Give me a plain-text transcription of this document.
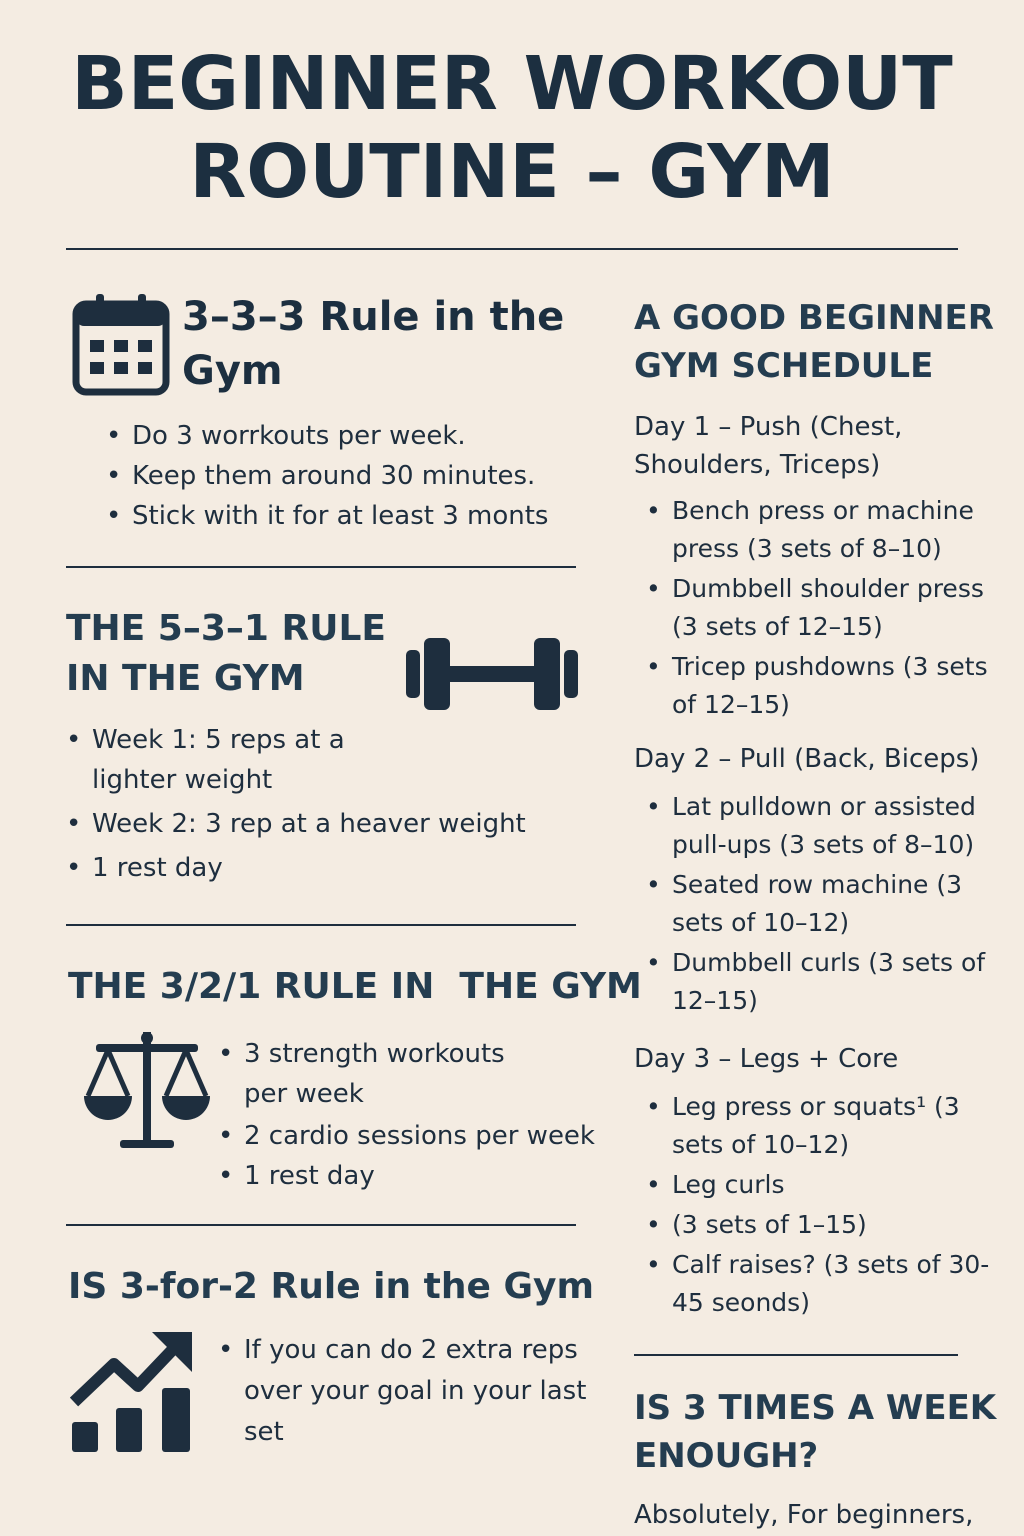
BEGINNER WORKOUT
ROUTINE – GYM
3–3–3 Rule in the
Gym
• Do 3 worrkouts per week.
• Keep them around 30 minutes.
• Stick with it for at least 3 monts
THE 5–3–1 RULE
IN THE GYM
• Week 1: 5 reps at a lighter weight
• Week 2: 3 rep at a heaver weight
• 1 rest day
THE 3/2/1 RULE IN  THE GYM
• 3 strength workouts per week
• 2 cardio sessions per week
• 1 rest day
IS 3-for-2 Rule in the Gym
• If you can do 2 extra reps over your goal in your last set
A GOOD BEGINNER
GYM SCHEDULE
Day 1 – Push (Chest, Shoulders, Triceps)
• Bench press or machine press (3 sets of 8–10)
• Dumbbell shoulder press (3 sets of 12–15)
• Tricep pushdowns (3 sets of 12–15)
Day 2 – Pull (Back, Biceps)
• Lat pulldown or assisted pull-ups (3 sets of 8–10)
• Seated row machine (3 sets of 10–12)
• Dumbbell curls (3 sets of 12–15)
Day 3 – Legs + Core
• Leg press or squats¹ (3 sets of 10–12)
• Leg curls
• (3 sets of 1–15)
• Calf raises? (3 sets of 30-45 seonds)
IS 3 TIMES A WEEK
ENOUGH?
Absolutely, For beginners,
